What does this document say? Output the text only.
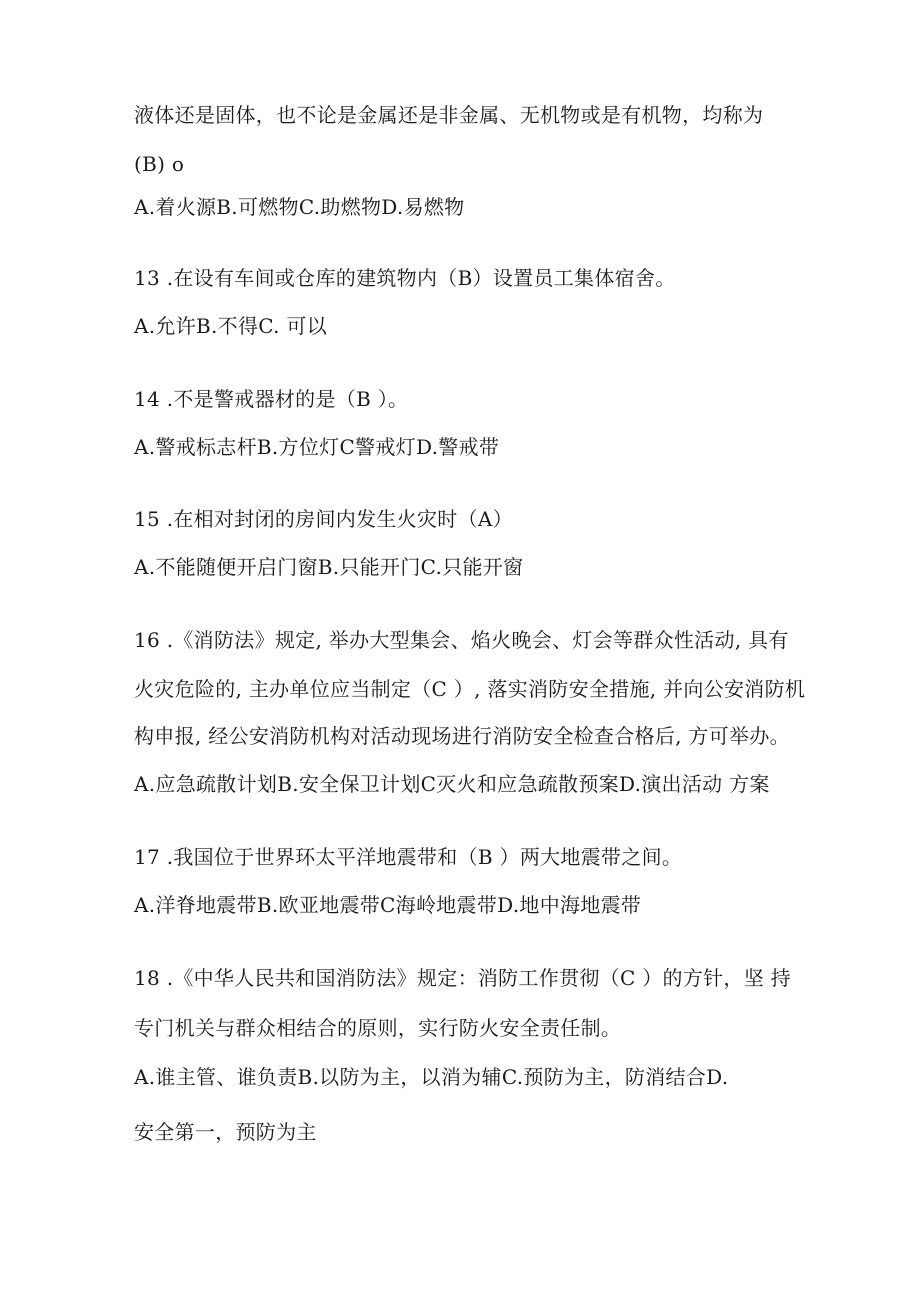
液体还是固体，也不论是金属还是非金属、无机物或是有机物，均称为
(B) o
A.着火源B.可燃物C.助燃物D.易燃物
13 .在设有车间或仓库的建筑物内（B）设置员工集体宿舍。
A.允许B.不得C. 可以
14 .不是警戒器材的是（B ）。
A.警戒标志杆B.方位灯C警戒灯D.警戒带
15 .在相对封闭的房间内发生火灾时（A）
A.不能随便开启门窗B.只能开门C.只能开窗
16 .《消防法》规定, 举办大型集会、焰火晚会、灯会等群众性活动, 具有
火灾危险的, 主办单位应当制定（C ）, 落实消防安全措施, 并向公安消防机
构申报, 经公安消防机构对活动现场进行消防安全检查合格后, 方可举办。
A.应急疏散计划B.安全保卫计划C灭火和应急疏散预案D.演出活动 方案
17 .我国位于世界环太平洋地震带和（B ）两大地震带之间。
A.洋脊地震带B.欧亚地震带C海岭地震带D.地中海地震带
18 .《中华人民共和国消防法》规定：消防工作贯彻（C ）的方针，坚 持
专门机关与群众相结合的原则，实行防火安全责任制。
A.谁主管、谁负责B.以防为主，以消为辅C.预防为主，防消结合D.
安全第一，预防为主
